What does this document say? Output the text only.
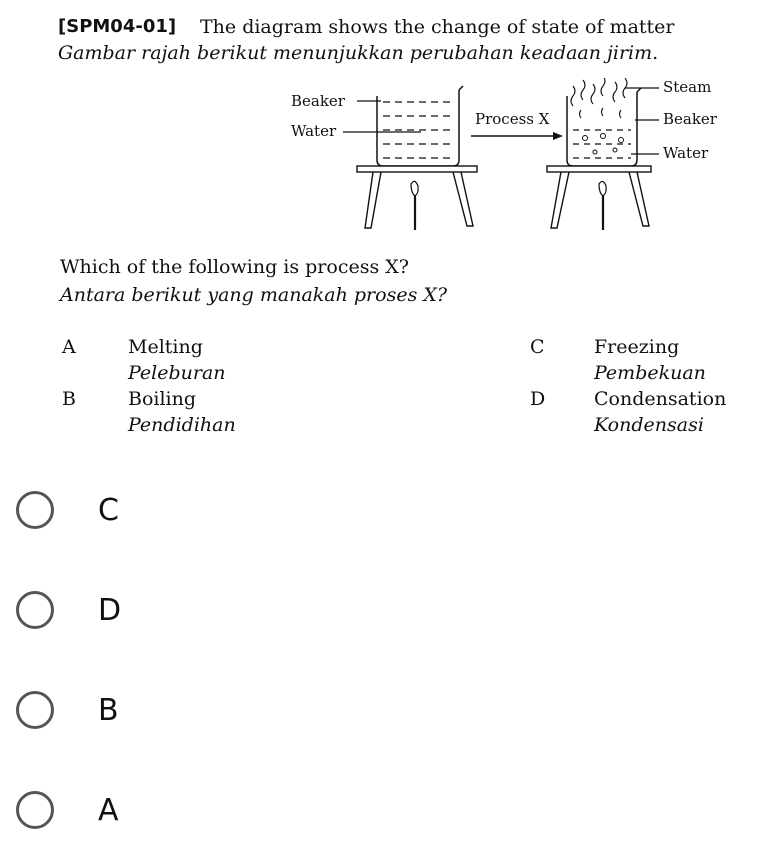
[SPM04-01] The diagram shows the change of state of matter
Gambar rajah berikut menunjukkan perubahan keadaan jirim.
Beaker
Water
Process X
Steam
Beaker
Water
Which of the following is process X?
Antara berikut yang manakah proses X?
A	Melting
Peleburan
B	Boiling
Pendidihan
C	Freezing
Pembekuan
D	Condensation
Kondensasi
C
D
B
A
